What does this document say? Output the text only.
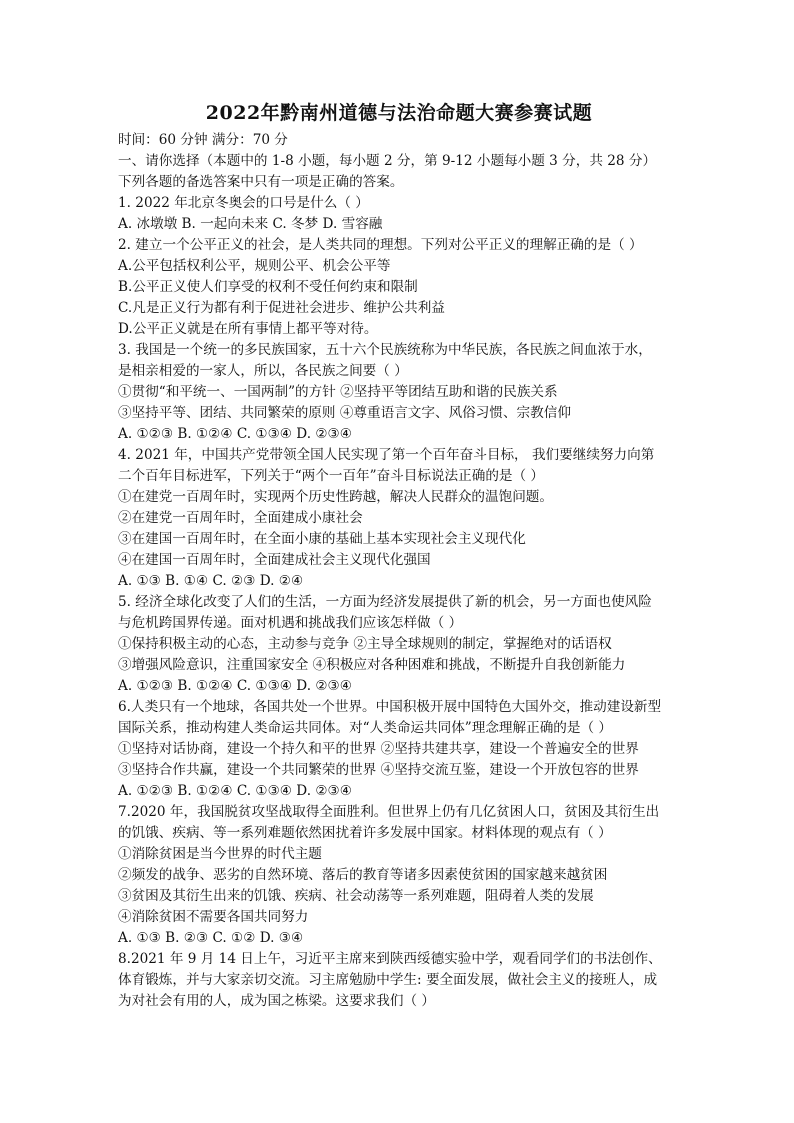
2022年黔南州道德与法治命题大赛参赛试题
时间：60 分钟 满分：70 分
一、请你选择（本题中的 1-8 小题，每小题 2 分，第 9-12 小题每小题 3 分，共 28 分）
下列各题的备选答案中只有一项是正确的答案。
1. 2022 年北京冬奥会的口号是什么（ ）
A. 冰墩墩 B. 一起向未来 C. 冬梦 D. 雪容融
2. 建立一个公平正义的社会，是人类共同的理想。下列对公平正义的理解正确的是（ ）
A.公平包括权利公平，规则公平、机会公平等
B.公平正义使人们享受的权利不受任何约束和限制
C.凡是正义行为都有利于促进社会进步、维护公共利益
D.公平正义就是在所有事情上都平等对待。
3. 我国是一个统一的多民族国家，五十六个民族统称为中华民族，各民族之间血浓于水，
是相亲相爱的一家人，所以，各民族之间要（ ）
①贯彻“和平统一、一国两制”的方针 ②坚持平等团结互助和谐的民族关系
③坚持平等、团结、共同繁荣的原则 ④尊重语言文字、风俗习惯、宗教信仰
A. ①②③ B. ①②④ C. ①③④ D. ②③④
4. 2021 年，中国共产党带领全国人民实现了第一个百年奋斗目标， 我们要继续努力向第
二个百年目标进军，下列关于“两个一百年”奋斗目标说法正确的是（ ）
①在建党一百周年时，实现两个历史性跨越，解决人民群众的温饱问题。
②在建党一百周年时，全面建成小康社会
③在建国一百周年时，在全面小康的基础上基本实现社会主义现代化
④在建国一百周年时，全面建成社会主义现代化强国
A. ①③ B. ①④ C. ②③ D. ②④
5. 经济全球化改变了人们的生活，一方面为经济发展提供了新的机会，另一方面也使风险
与危机跨国界传递。面对机遇和挑战我们应该怎样做（ ）
①保持积极主动的心态，主动参与竞争 ②主导全球规则的制定，掌握绝对的话语权
③增强风险意识，注重国家安全 ④积极应对各种困难和挑战，不断提升自我创新能力
A. ①②③ B. ①②④ C. ①③④ D. ②③④
6.人类只有一个地球，各国共处一个世界。中国积极开展中国特色大国外交，推动建设新型
国际关系，推动构建人类命运共同体。对“人类命运共同体”理念理解正确的是（ ）
①坚持对话协商，建设一个持久和平的世界 ②坚持共建共享，建设一个普遍安全的世界
③坚持合作共赢，建设一个共同繁荣的世界 ④坚持交流互鉴，建设一个开放包容的世界
A. ①②③ B. ①②④ C. ①③④ D. ②③④
7.2020 年，我国脱贫攻坚战取得全面胜利。但世界上仍有几亿贫困人口，贫困及其衍生出
的饥饿、疾病、等一系列难题依然困扰着许多发展中国家。材料体现的观点有（ ）
①消除贫困是当今世界的时代主题
②频发的战争、恶劣的自然环境、落后的教育等诸多因素使贫困的国家越来越贫困
③贫困及其衍生出来的饥饿、疾病、社会动荡等一系列难题，阻碍着人类的发展
④消除贫困不需要各国共同努力
A. ①③ B. ②③ C. ①② D. ③④
8.2021 年 9 月 14 日上午，习近平主席来到陕西绥德实验中学，观看同学们的书法创作、
体育锻炼，并与大家亲切交流。习主席勉励中学生: 要全面发展，做社会主义的接班人，成
为对社会有用的人，成为国之栋梁。这要求我们（ ）
